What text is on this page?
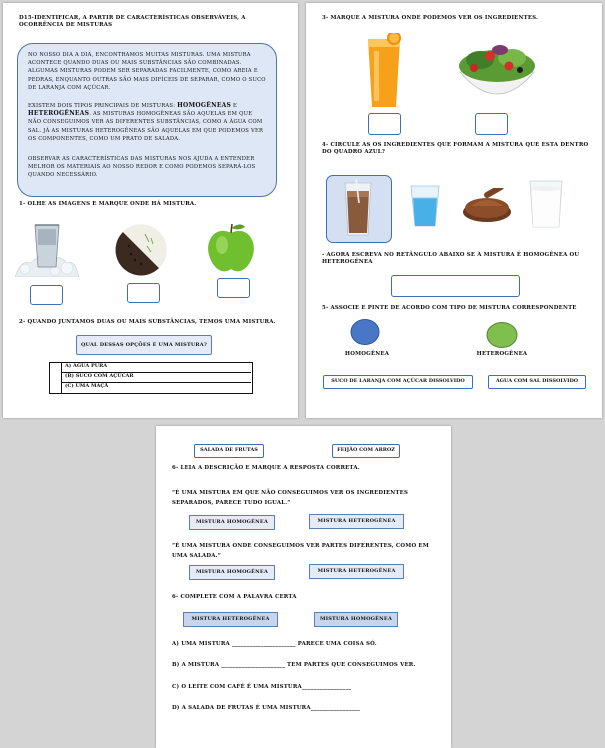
D15-IDENTIFICAR, A PARTIR DE CARACTERÍSTICAS OBSERVÁVEIS, A OCORRÊNCIA DE MISTURAS
NO NOSSO DIA A DIA, ENCONTRAMOS MUITAS MISTURAS. UMA MISTURA ACONTECE QUANDO DUAS OU MAIS SUBSTÂNCIAS SÃO COMBINADAS. ALGUMAS MISTURAS PODEM SER SEPARADAS FACILMENTE, COMO AREIA E PEDRAS, ENQUANTO OUTRAS SÃO MAIS DIFÍCEIS DE SEPARAR, COMO O SUCO DE LARANJA COM AÇÚCAR.
EXISTEM DOIS TIPOS PRINCIPAIS DE MISTURAS: HOMOGÊNEAS E HETEROGÊNEAS. AS MISTURAS HOMOGÊNEAS SÃO AQUELAS EM QUE NÃO CONSEGUIMOS VER AS DIFERENTES SUBSTÂNCIAS, COMO A ÁGUA COM SAL. JÁ AS MISTURAS HETEROGÊNEAS SÃO AQUELAS EM QUE PODEMOS VER OS COMPONENTES, COMO UM PRATO DE SALADA.
OBSERVAR AS CARACTERÍSTICAS DAS MISTURAS NOS AJUDA A ENTENDER MELHOR OS MATERIAIS AO NOSSO REDOR E COMO PODEMOS SEPARÁ-LOS QUANDO NECESSÁRIO.
1- OLHE AS IMAGENS E MARQUE ONDE HÁ MISTURA.
2- QUANDO JUNTAMOS DUAS OU MAIS SUBSTÂNCIAS, TEMOS UMA MISTURA.
QUAL DESSAS OPÇÕES É UMA MISTURA?
A) ÁGUA PURA
(B) SUCO COM AÇÚCAR
(C) UMA MAÇÃ
3- MARQUE A MISTURA ONDE PODEMOS VER OS INGREDIENTES.
4- CIRCULE AS OS INGREDIENTES QUE FORMAM A MISTURA QUE ESTA DENTRO DO QUADRO AZUL?
- AGORA ESCREVA NO RETÂNGULO ABAIXO SE A MISTURA É HOMOGÊNEA OU HETEROGÊNEA
5- ASSOCIE E PINTE DE ACORDO COM TIPO DE MISTURA CORRESPONDENTE
HOMOGÊNEA	HETEROGÊNEA
SUCO DE LARANJA COM AÇÚCAR DISSOLVIDO	ÁGUA COM SAL DISSOLVIDO
SALADA DE FRUTAS	FEIJÃO COM ARROZ
6- LEIA A DESCRIÇÃO E MARQUE A RESPOSTA CORRETA.
“É UMA MISTURA EM QUE NÃO CONSEGUIMOS VER OS INGREDIENTES SEPARADOS, PARECE TUDO IGUAL.”
MISTURA HOMOGÊNEA	MISTURA HETEROGÊNEA
“É UMA MISTURA ONDE CONSEGUIMOS VER PARTES DIFERENTES, COMO EM UMA SALADA.”
MISTURA HOMOGÊNEA	MISTURA HETEROGÊNEA
6- COMPLETE COM A PALAVRA CERTA
MISTURA HETEROGÊNEA	MISTURA HOMOGÊNEA
A) UMA MISTURA ______________________ PARECE UMA COISA SÓ.
B) A MISTURA ______________________ TEM PARTES QUE CONSEGUIMOS VER.
C) O LEITE COM CAFÉ É UMA MISTURA_________________
D) A SALADA DE FRUTAS É UMA MISTURA_________________
